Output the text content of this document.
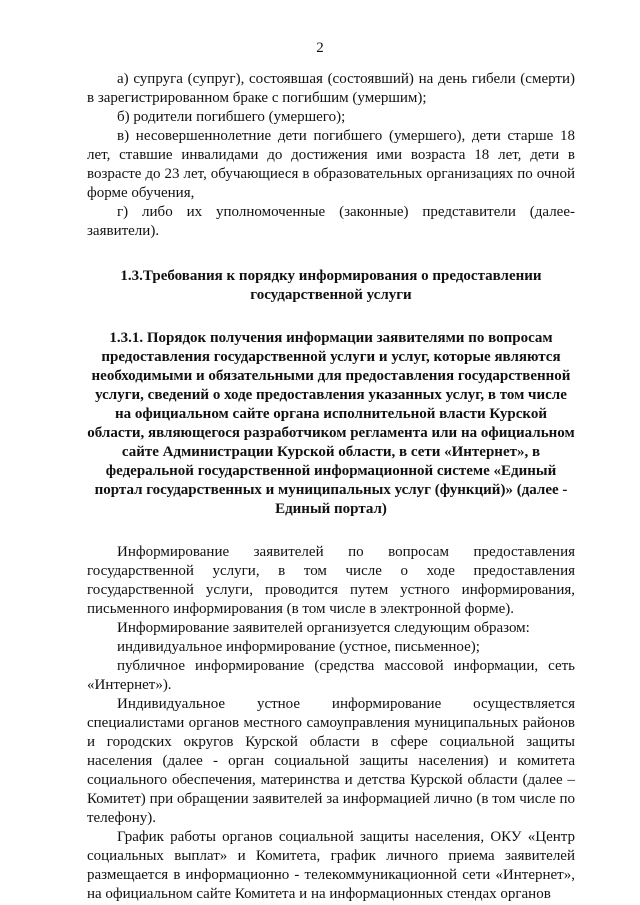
2

а) супруга (супруг), состоявшая (состоявший) на день гибели (смерти) в зарегистрированном браке с погибшим (умершим);

б) родители погибшего (умершего);

в) несовершеннолетние дети погибшего (умершего), дети старше 18 лет, ставшие инвалидами до достижения ими возраста 18 лет, дети в возрасте до 23 лет, обучающиеся в образовательных организациях по очной форме обучения,

г) либо их уполномоченные (законные) представители (далее- заявители).

1.3.Требования к порядку информирования о предоставлении государственной услуги

1.3.1. Порядок получения информации заявителями по вопросам предоставления государственной услуги и услуг, которые являются необходимыми и обязательными для предоставления государственной услуги, сведений о ходе предоставления указанных услуг, в том числе на официальном сайте органа исполнительной власти Курской области, являющегося разработчиком регламента или на официальном сайте Администрации Курской области, в сети «Интернет», в федеральной государственной информационной системе «Единый портал государственных и муниципальных услуг (функций)» (далее - Единый портал)

Информирование заявителей по вопросам предоставления государственной услуги, в том числе о ходе предоставления государственной услуги, проводится путем устного информирования, письменного информирования (в том числе в электронной форме).

Информирование заявителей организуется следующим образом:

индивидуальное информирование (устное, письменное);

публичное информирование (средства массовой информации, сеть «Интернет»).

Индивидуальное устное информирование осуществляется специалистами органов местного самоуправления муниципальных районов и городских округов Курской области в сфере социальной защиты населения (далее - орган социальной защиты населения) и комитета социального обеспечения, материнства и детства Курской области (далее – Комитет) при обращении заявителей за информацией лично (в том числе по телефону).

График работы органов социальной защиты населения, ОКУ «Центр социальных выплат» и Комитета, график личного приема заявителей размещается в информационно - телекоммуникационной сети «Интернет», на официальном сайте Комитета и на информационных стендах органов
